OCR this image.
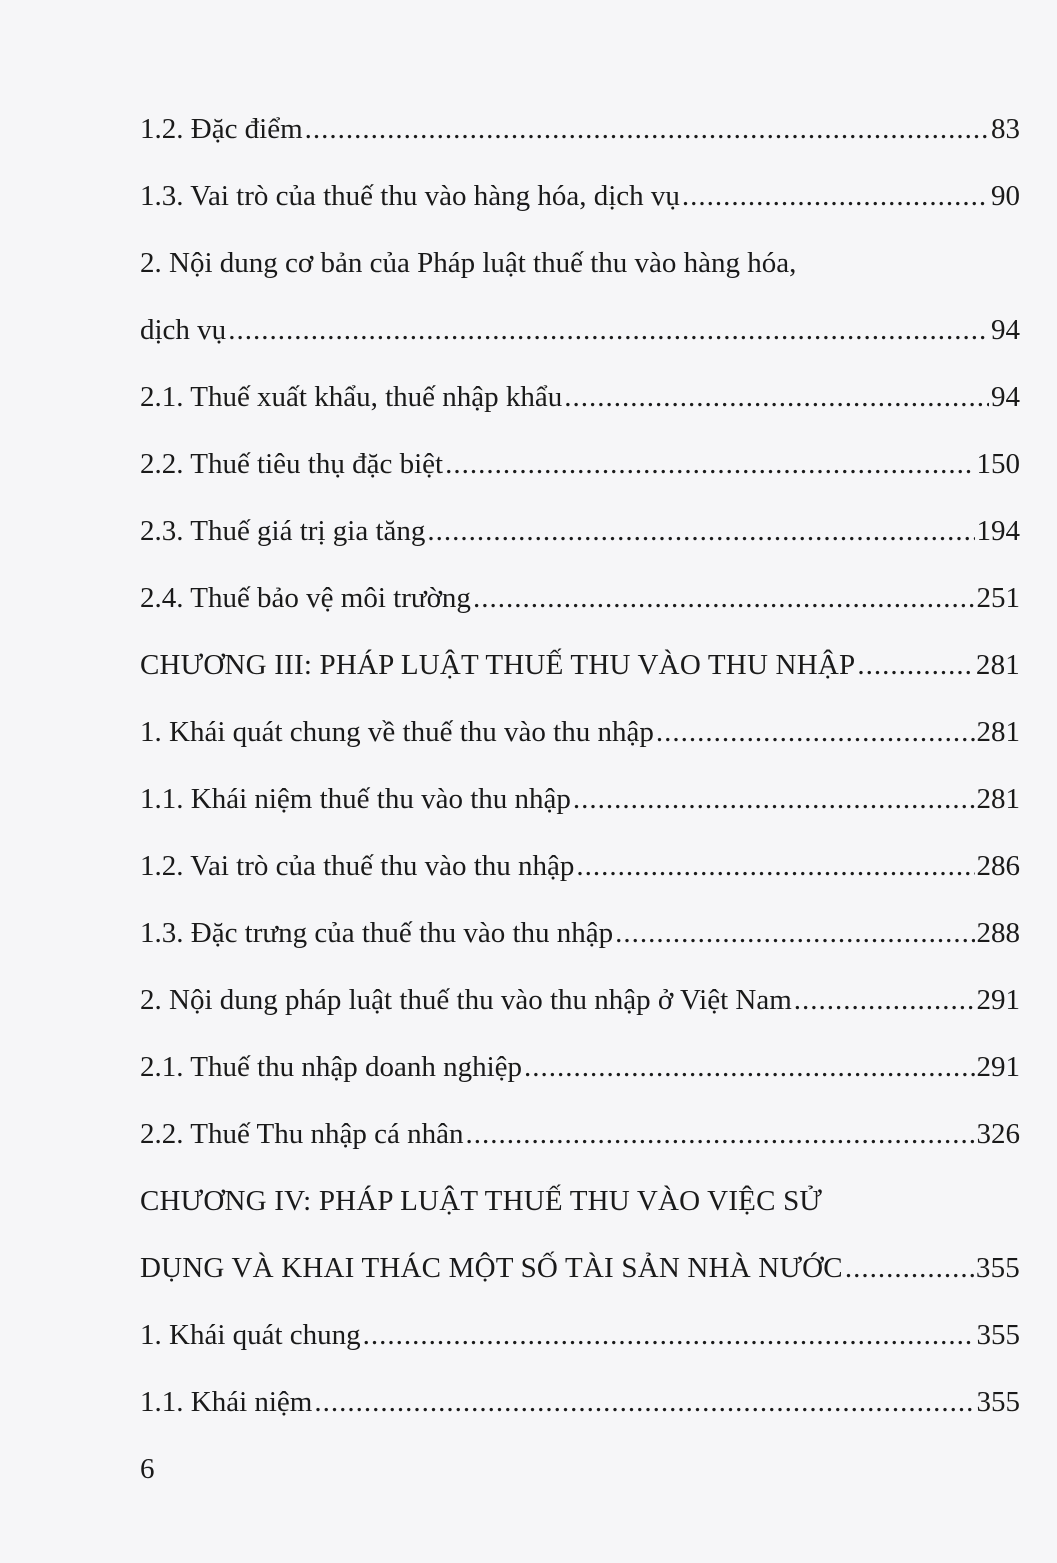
1.2. Đặc điểm .....	83
1.3. Vai trò của thuế thu vào hàng hóa, dịch vụ .....	90
2. Nội dung cơ bản của Pháp luật thuế thu vào hàng hóa,
dịch vụ .....	94
2.1. Thuế xuất khẩu, thuế nhập khẩu .....	94
2.2. Thuế tiêu thụ đặc biệt .....	150
2.3. Thuế giá trị gia tăng .....	194
2.4. Thuế bảo vệ môi trường .....	251
CHƯƠNG III: PHÁP LUẬT THUẾ THU VÀO THU NHẬP .....	281
1. Khái quát chung về thuế thu vào thu nhập .....	281
1.1. Khái niệm thuế thu vào thu nhập .....	281
1.2. Vai trò của thuế thu vào thu nhập .....	286
1.3. Đặc trưng của thuế thu vào thu nhập .....	288
2. Nội dung pháp luật thuế thu vào thu nhập ở Việt Nam .....	291
2.1. Thuế thu nhập doanh nghiệp .....	291
2.2. Thuế Thu nhập cá nhân .....	326
CHƯƠNG IV: PHÁP LUẬT THUẾ THU VÀO VIỆC SỬ
DỤNG VÀ KHAI THÁC MỘT SỐ TÀI SẢN NHÀ NƯỚC .....	355
1. Khái quát chung .....	355
1.1. Khái niệm .....	355
6
